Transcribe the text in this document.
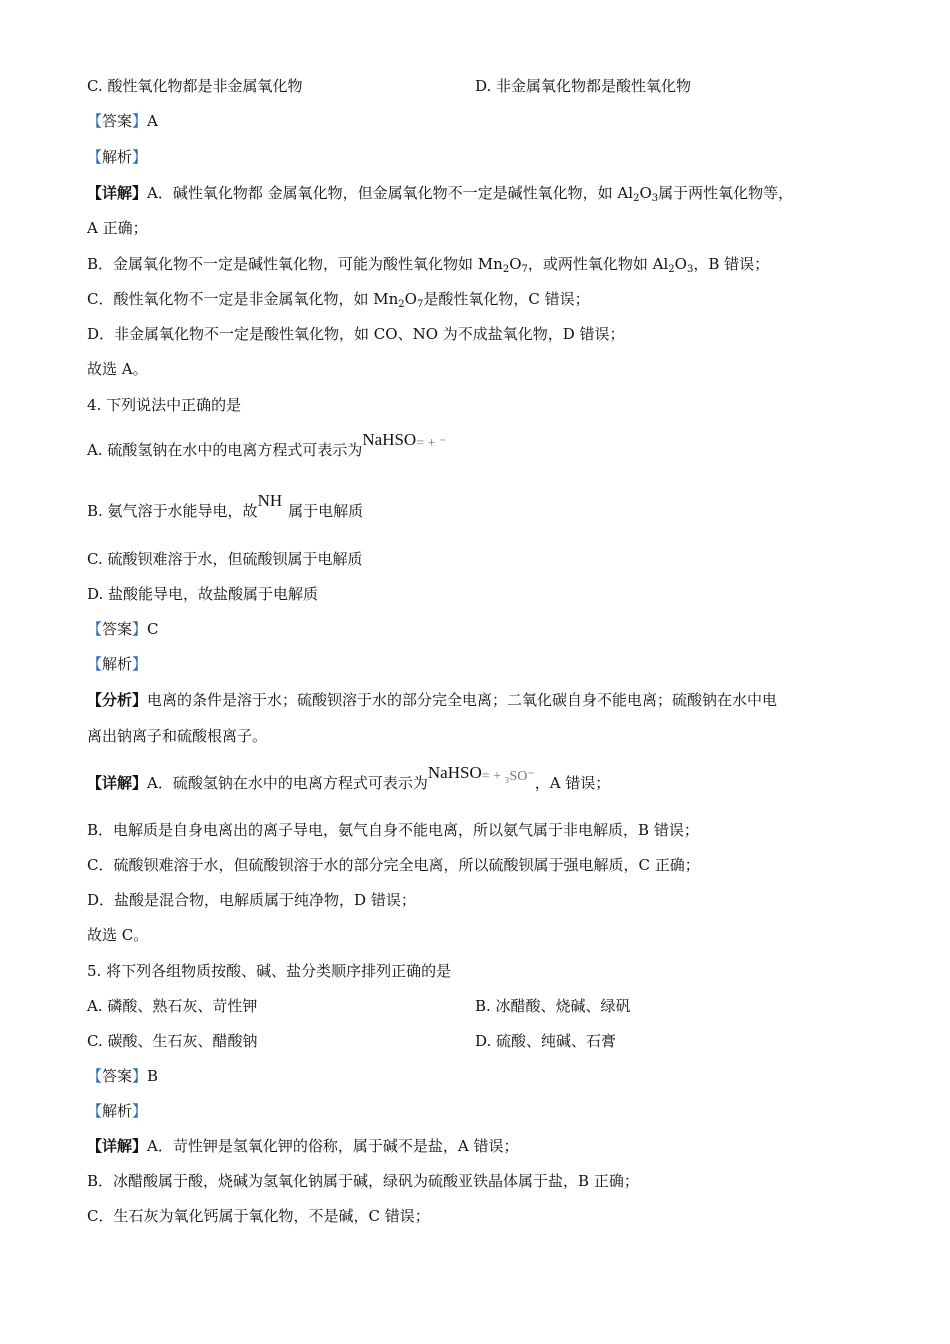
C. 酸性氧化物都是非金属氧化物	D. 非金属氧化物都是酸性氧化物
【答案】A
【解析】
【详解】A．碱性氧化物都 金属氧化物，但金属氧化物不一定是碱性氧化物，如 $Al_2O_3$属于两性氧化物等，
A 正确；
B．金属氧化物不一定是碱性氧化物，可能为酸性氧化物如 $Mn_2O_7$，或两性氧化物如 $Al_2O_3$，B 错误；
C．酸性氧化物不一定是非金属氧化物，如 $Mn_2O_7$是酸性氧化物，C 错误；
D．非金属氧化物不一定是酸性氧化物，如 CO、NO 为不成盐氧化物，D 错误；
故选 A。
4. 下列说法中正确的是
A. 硫酸氢钠在水中的电离方程式可表示为NaHSO= + ⁻
B. 氨气溶于水能导电，故NH属于电解质
C. 硫酸钡难溶于水，但硫酸钡属于电解质
D. 盐酸能导电，故盐酸属于电解质
【答案】C
【解析】
【分析】电离的条件是溶于水；硫酸钡溶于水的部分完全电离；二氧化碳自身不能电离；硫酸钠在水中电
离出钠离子和硫酸根离子。
【详解】A．硫酸氢钠在水中的电离方程式可表示为NaHSO= + ₃SO⁻，A 错误；
B．电解质是自身电离出的离子导电，氨气自身不能电离，所以氨气属于非电解质，B 错误；
C．硫酸钡难溶于水，但硫酸钡溶于水的部分完全电离，所以硫酸钡属于强电解质，C 正确；
D．盐酸是混合物，电解质属于纯净物，D 错误；
故选 C。
5. 将下列各组物质按酸、碱、盐分类顺序排列正确的是
A. 磷酸、熟石灰、苛性钾	B. 冰醋酸、烧碱、绿矾
C. 碳酸、生石灰、醋酸钠	D. 硫酸、纯碱、石膏
【答案】B
【解析】
【详解】A．苛性钾是氢氧化钾的俗称，属于碱不是盐，A 错误；
B．冰醋酸属于酸，烧碱为氢氧化钠属于碱，绿矾为硫酸亚铁晶体属于盐，B 正确；
C．生石灰为氧化钙属于氧化物，不是碱，C 错误；
